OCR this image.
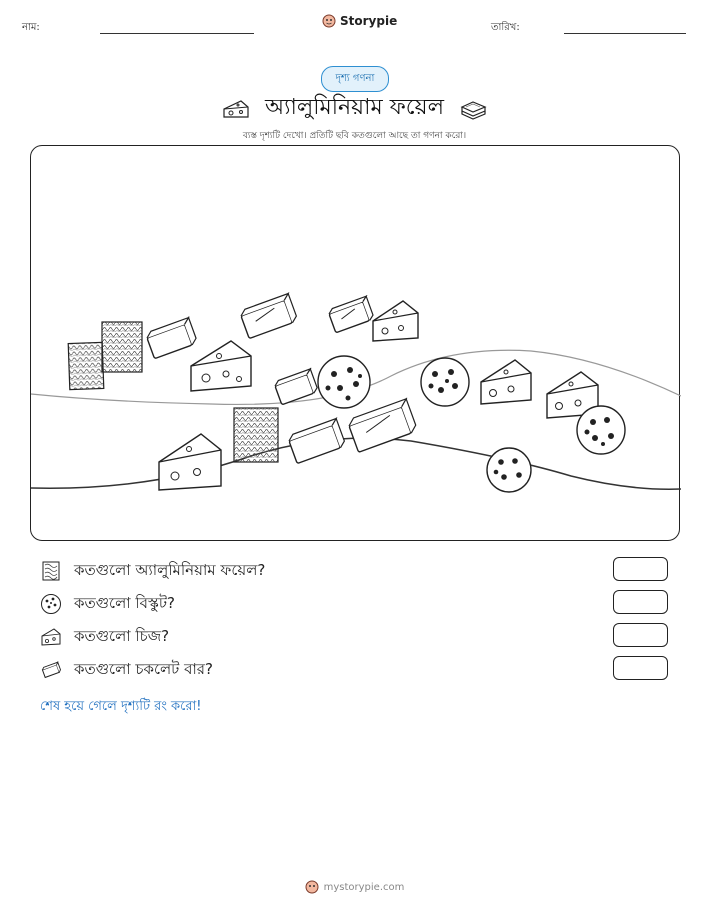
নাম:	Storypie	তারিখ:
দৃশ্য গণনা
অ্যালুমিনিয়াম ফয়েল
ব্যস্ত দৃশ্যটি দেখো। প্রতিটি ছবি কতগুলো আছে তা গণনা করো।
কতগুলো অ্যালুমিনিয়াম ফয়েল?
কতগুলো বিস্কুট?
কতগুলো চিজ?
কতগুলো চকলেট বার?
শেষ হয়ে গেলে দৃশ্যটি রং করো!
mystorypie.com
